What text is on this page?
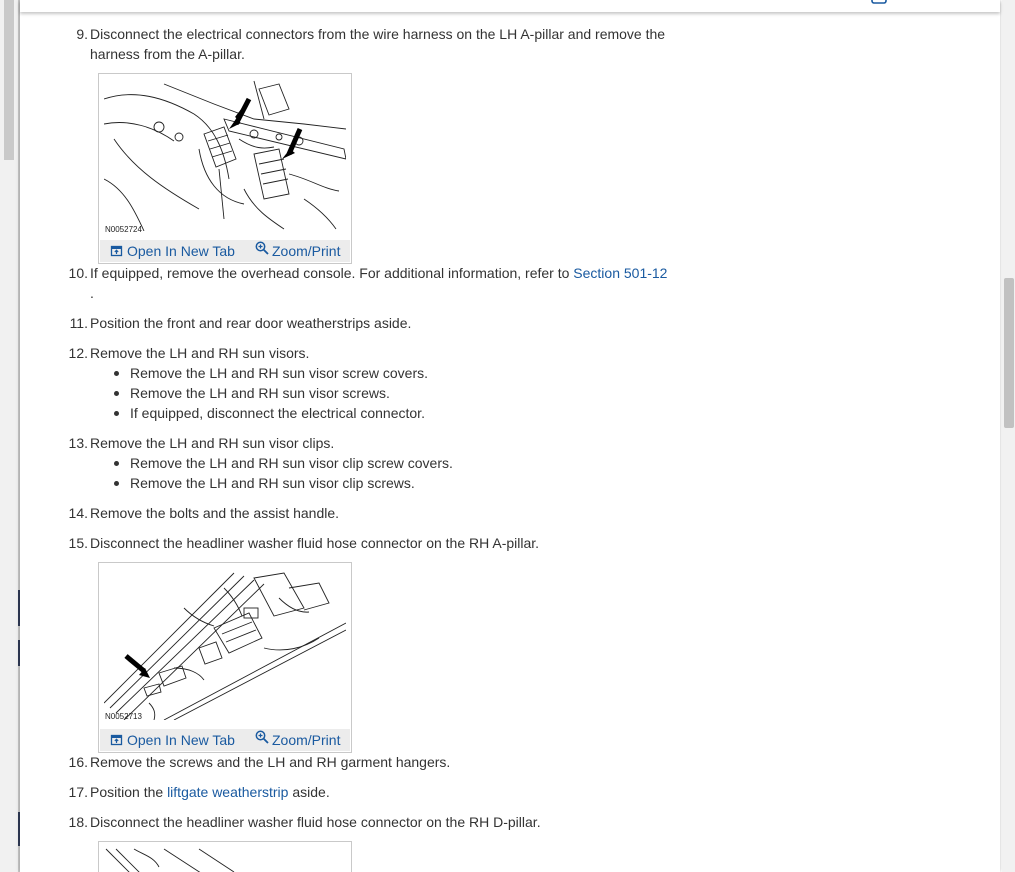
9. Disconnect the electrical connectors from the wire harness on the LH A-pillar and remove the harness from the A-pillar.
N0052724
Open In New Tab	Zoom/Print
10. If equipped, remove the overhead console. For additional information, refer to Section 501-12 .
11. Position the front and rear door weatherstrips aside.
12. Remove the LH and RH sun visors.
Remove the LH and RH sun visor screw covers.
Remove the LH and RH sun visor screws.
If equipped, disconnect the electrical connector.
13. Remove the LH and RH sun visor clips.
Remove the LH and RH sun visor clip screw covers.
Remove the LH and RH sun visor clip screws.
14. Remove the bolts and the assist handle.
15. Disconnect the headliner washer fluid hose connector on the RH A-pillar.
N0052713
Open In New Tab	Zoom/Print
16. Remove the screws and the LH and RH garment hangers.
17. Position the liftgate weatherstrip aside.
18. Disconnect the headliner washer fluid hose connector on the RH D-pillar.
